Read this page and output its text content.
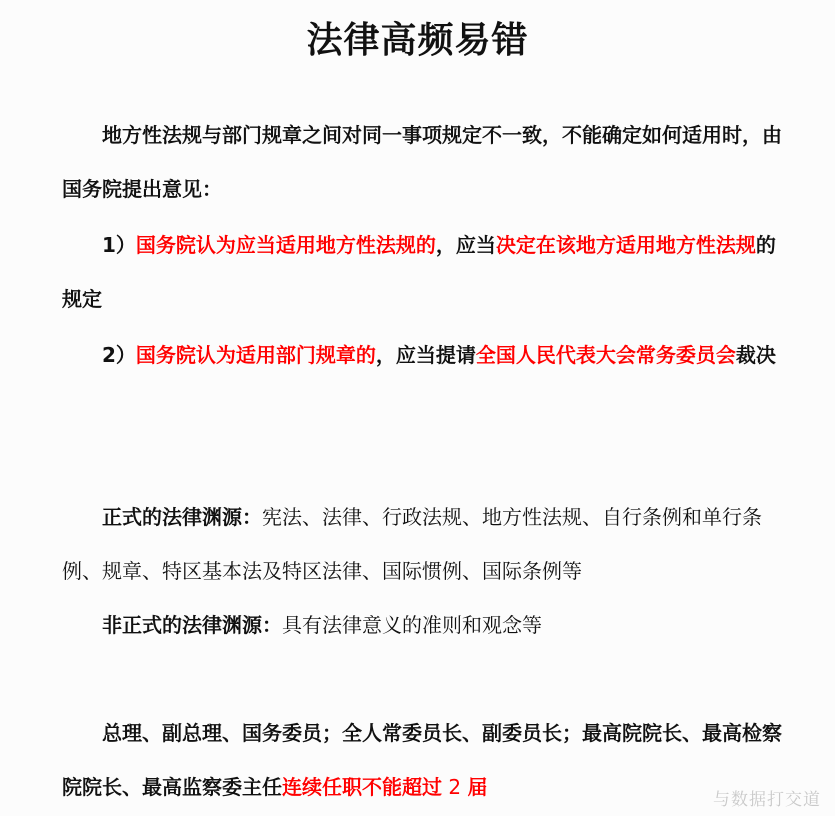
法律高频易错

地方性法规与部门规章之间对同一事项规定不一致，不能确定如何适用时，由国务院提出意见：

1）国务院认为应当适用地方性法规的，应当决定在该地方适用地方性法规的规定

2）国务院认为适用部门规章的，应当提请全国人民代表大会常务委员会裁决

正式的法律渊源：宪法、法律、行政法规、地方性法规、自行条例和单行条例、规章、特区基本法及特区法律、国际惯例、国际条例等

非正式的法律渊源：具有法律意义的准则和观念等

总理、副总理、国务委员；全人常委员长、副委员长；最高院院长、最高检察院院长、最高监察委主任连续任职不能超过 2 届

与数据打交道
